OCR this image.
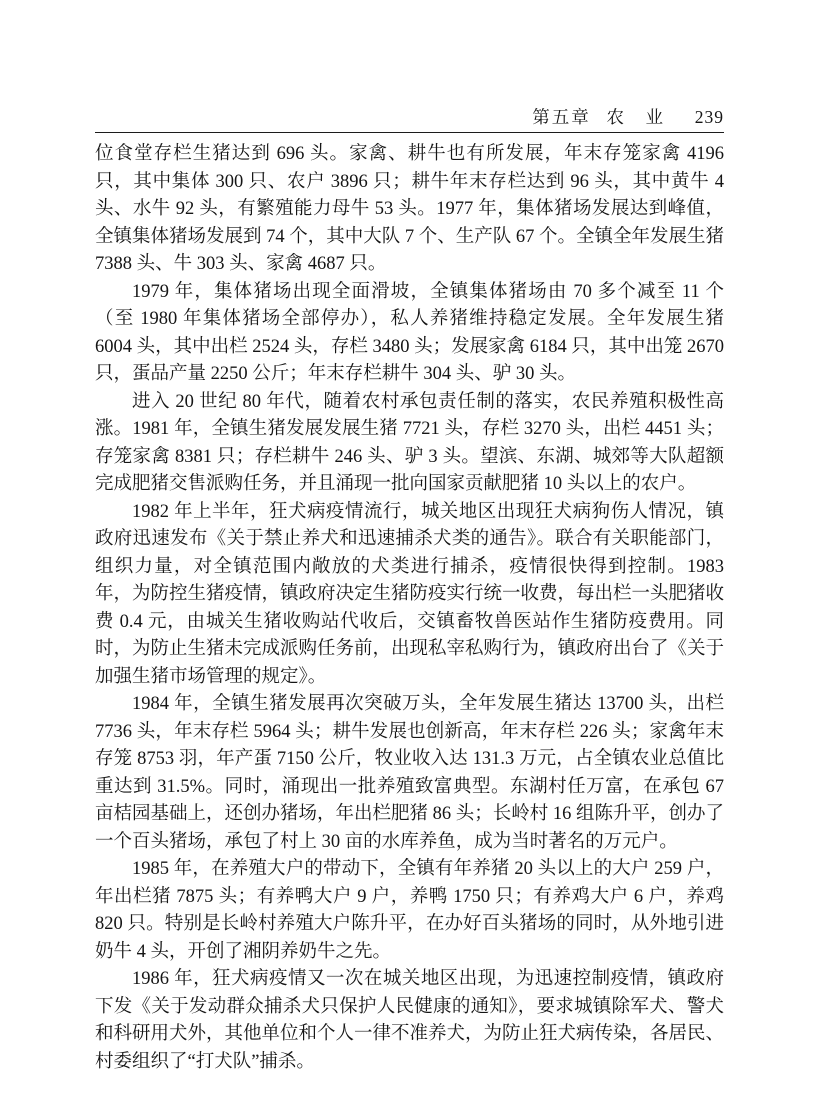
第五章 农　业 239

位食堂存栏生猪达到 696 头。家禽、耕牛也有所发展，年末存笼家禽 4196 只，其中集体 300 只、农户 3896 只；耕牛年末存栏达到 96 头，其中黄牛 4 头、水牛 92 头，有繁殖能力母牛 53 头。1977 年，集体猪场发展达到峰值，全镇集体猪场发展到 74 个，其中大队 7 个、生产队 67 个。全镇全年发展生猪 7388 头、牛 303 头、家禽 4687 只。

1979 年，集体猪场出现全面滑坡，全镇集体猪场由 70 多个减至 11 个（至 1980 年集体猪场全部停办），私人养猪维持稳定发展。全年发展生猪 6004 头，其中出栏 2524 头，存栏 3480 头；发展家禽 6184 只，其中出笼 2670 只，蛋品产量 2250 公斤；年末存栏耕牛 304 头、驴 30 头。

进入 20 世纪 80 年代，随着农村承包责任制的落实，农民养殖积极性高涨。1981 年，全镇生猪发展发展生猪 7721 头，存栏 3270 头，出栏 4451 头；存笼家禽 8381 只；存栏耕牛 246 头、驴 3 头。望滨、东湖、城郊等大队超额完成肥猪交售派购任务，并且涌现一批向国家贡献肥猪 10 头以上的农户。

1982 年上半年，狂犬病疫情流行，城关地区出现狂犬病狗伤人情况，镇政府迅速发布《关于禁止养犬和迅速捕杀犬类的通告》。联合有关职能部门，组织力量，对全镇范围内敞放的犬类进行捕杀，疫情很快得到控制。1983 年，为防控生猪疫情，镇政府决定生猪防疫实行统一收费，每出栏一头肥猪收费 0.4 元，由城关生猪收购站代收后，交镇畜牧兽医站作生猪防疫费用。同时，为防止生猪未完成派购任务前，出现私宰私购行为，镇政府出台了《关于加强生猪市场管理的规定》。

1984 年，全镇生猪发展再次突破万头，全年发展生猪达 13700 头，出栏 7736 头，年末存栏 5964 头；耕牛发展也创新高，年末存栏 226 头；家禽年末存笼 8753 羽，年产蛋 7150 公斤，牧业收入达 131.3 万元，占全镇农业总值比重达到 31.5%。同时，涌现出一批养殖致富典型。东湖村任万富，在承包 67 亩桔园基础上，还创办猪场，年出栏肥猪 86 头；长岭村 16 组陈升平，创办了一个百头猪场，承包了村上 30 亩的水库养鱼，成为当时著名的万元户。

1985 年，在养殖大户的带动下，全镇有年养猪 20 头以上的大户 259 户，年出栏猪 7875 头；有养鸭大户 9 户，养鸭 1750 只；有养鸡大户 6 户，养鸡 820 只。特别是长岭村养殖大户陈升平，在办好百头猪场的同时，从外地引进奶牛 4 头，开创了湘阴养奶牛之先。

1986 年，狂犬病疫情又一次在城关地区出现，为迅速控制疫情，镇政府下发《关于发动群众捕杀犬只保护人民健康的通知》，要求城镇除军犬、警犬和科研用犬外，其他单位和个人一律不准养犬，为防止狂犬病传染，各居民、村委组织了“打犬队”捕杀。
